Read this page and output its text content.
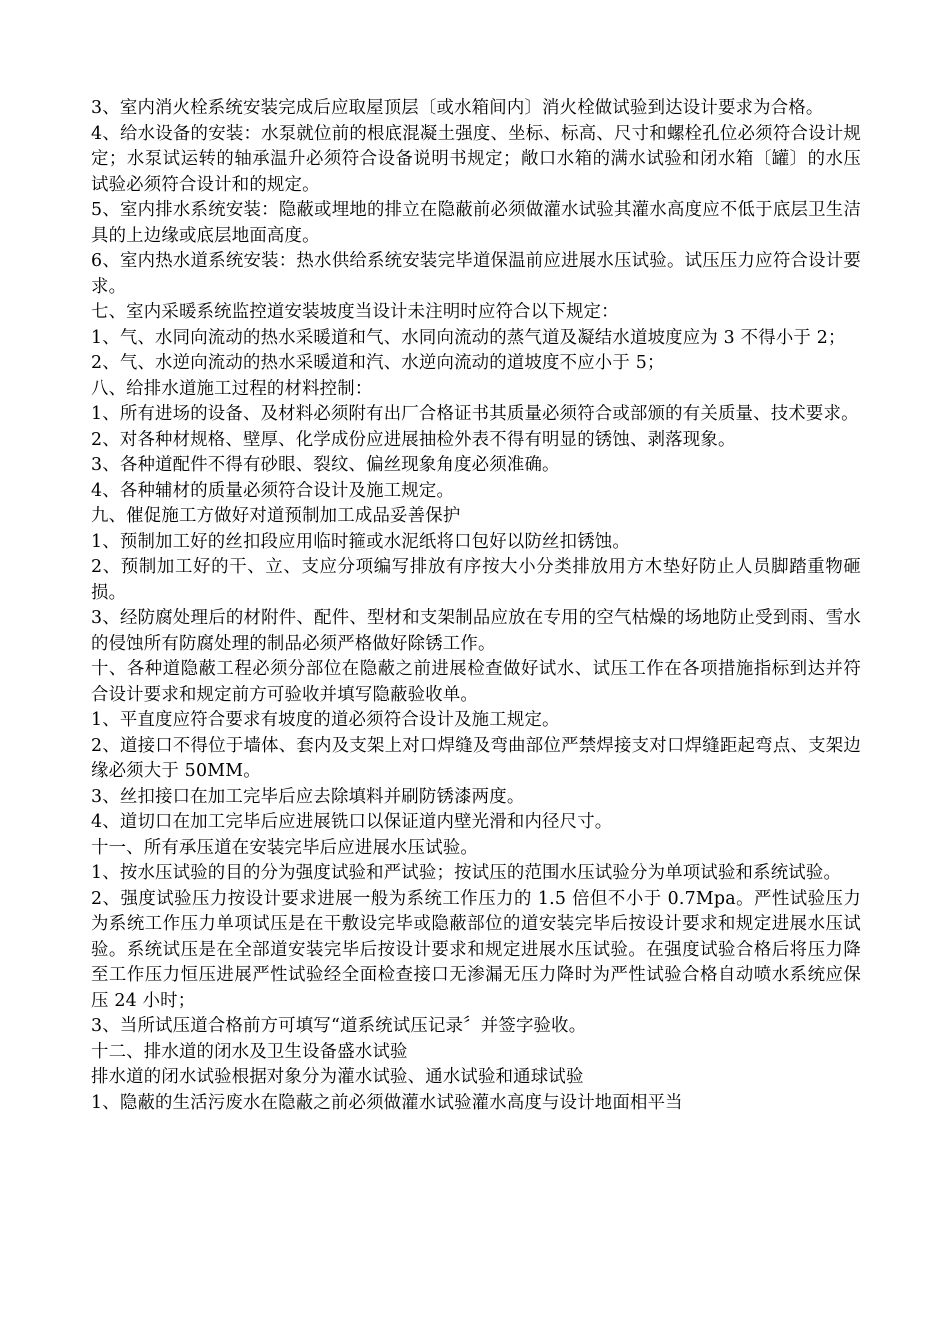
3、室内消火栓系统安装完成后应取屋顶层〔或水箱间内〕消火栓做试验到达设计要求为合格。

4、给水设备的安装：水泵就位前的根底混凝土强度、坐标、标高、尺寸和螺栓孔位必须符合设计规定；水泵试运转的轴承温升必须符合设备说明书规定；敞口水箱的满水试验和闭水箱〔罐〕的水压试验必须符合设计和的规定。

5、室内排水系统安装：隐蔽或埋地的排立在隐蔽前必须做灌水试验其灌水高度应不低于底层卫生洁具的上边缘或底层地面高度。

6、室内热水道系统安装：热水供给系统安装完毕道保温前应进展水压试验。试压压力应符合设计要求。

七、室内采暖系统监控道安装坡度当设计未注明时应符合以下规定：

1、气、水同向流动的热水采暖道和气、水同向流动的蒸气道及凝结水道坡度应为 3 不得小于 2；

2、气、水逆向流动的热水采暖道和汽、水逆向流动的道坡度不应小于 5；

八、给排水道施工过程的材料控制：

1、所有进场的设备、及材料必须附有出厂合格证书其质量必须符合或部颁的有关质量、技术要求。

2、对各种材规格、壁厚、化学成份应进展抽检外表不得有明显的锈蚀、剥落现象。

3、各种道配件不得有砂眼、裂纹、偏丝现象角度必须准确。

4、各种辅材的质量必须符合设计及施工规定。

九、催促施工方做好对道预制加工成品妥善保护

1、预制加工好的丝扣段应用临时箍或水泥纸将口包好以防丝扣锈蚀。

2、预制加工好的干、立、支应分项编写排放有序按大小分类排放用方木垫好防止人员脚踏重物砸损。

3、经防腐处理后的材附件、配件、型材和支架制品应放在专用的空气枯燥的场地防止受到雨、雪水的侵蚀所有防腐处理的制品必须严格做好除锈工作。

十、各种道隐蔽工程必须分部位在隐蔽之前进展检查做好试水、试压工作在各项措施指标到达并符合设计要求和规定前方可验收并填写隐蔽验收单。

1、平直度应符合要求有坡度的道必须符合设计及施工规定。

2、道接口不得位于墙体、套内及支架上对口焊缝及弯曲部位严禁焊接支对口焊缝距起弯点、支架边缘必须大于 50MM。

3、丝扣接口在加工完毕后应去除填料并刷防锈漆两度。

4、道切口在加工完毕后应进展铣口以保证道内壁光滑和内径尺寸。

十一、所有承压道在安装完毕后应进展水压试验。

1、按水压试验的目的分为强度试验和严试验；按试压的范围水压试验分为单项试验和系统试验。

2、强度试验压力按设计要求进展一般为系统工作压力的 1.5 倍但不小于 0.7Mpa。严性试验压力为系统工作压力单项试压是在干敷设完毕或隐蔽部位的道安装完毕后按设计要求和规定进展水压试验。系统试压是在全部道安装完毕后按设计要求和规定进展水压试验。在强度试验合格后将压力降至工作压力恒压进展严性试验经全面检查接口无渗漏无压力降时为严性试验合格自动喷水系统应保压 24 小时；

3、当所试压道合格前方可填写“道系统试压记录〞并签字验收。

十二、排水道的闭水及卫生设备盛水试验

排水道的闭水试验根据对象分为灌水试验、通水试验和通球试验

1、隐蔽的生活污废水在隐蔽之前必须做灌水试验灌水高度与设计地面相平当
